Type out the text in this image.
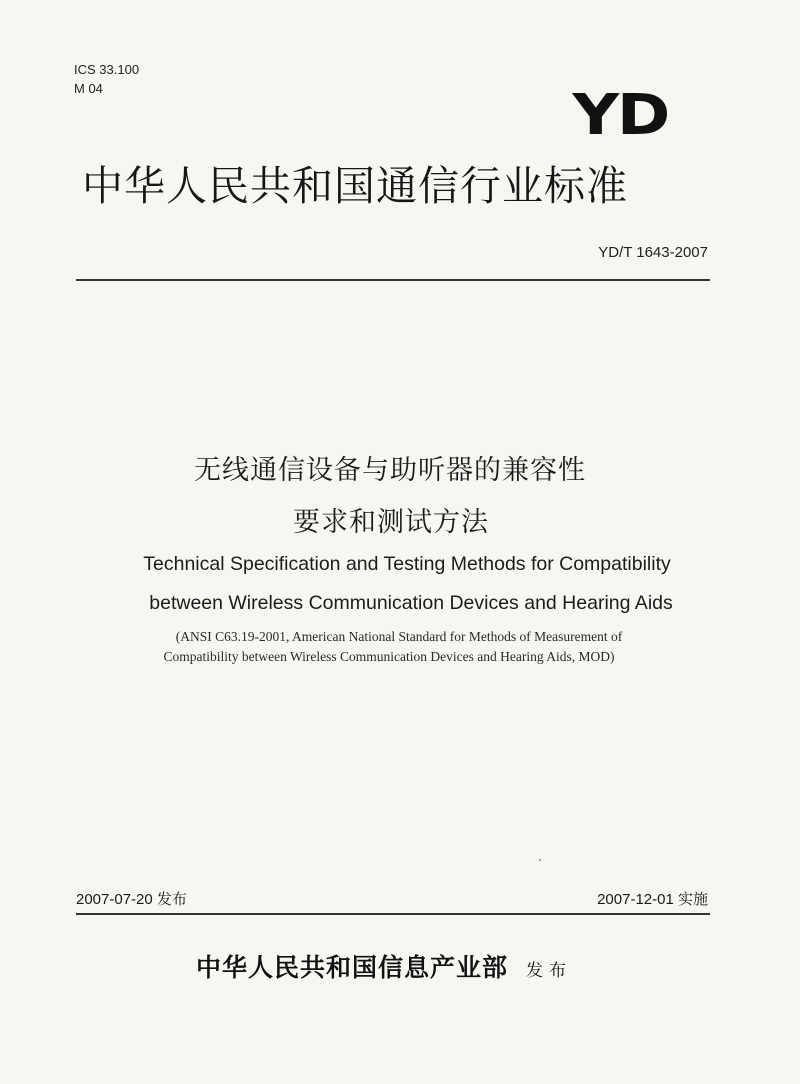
ICS 33.100
M 04	YD
中华人民共和国通信行业标准
YD/T 1643-2007
无线通信设备与助听器的兼容性
要求和测试方法
Technical Specification and Testing Methods for Compatibility
between Wireless Communication Devices and Hearing Aids
(ANSI C63.19-2001, American National Standard for Methods of Measurement of
Compatibility between Wireless Communication Devices and Hearing Aids, MOD)
2007-07-20 发布	2007-12-01 实施
中华人民共和国信息产业部 发布
